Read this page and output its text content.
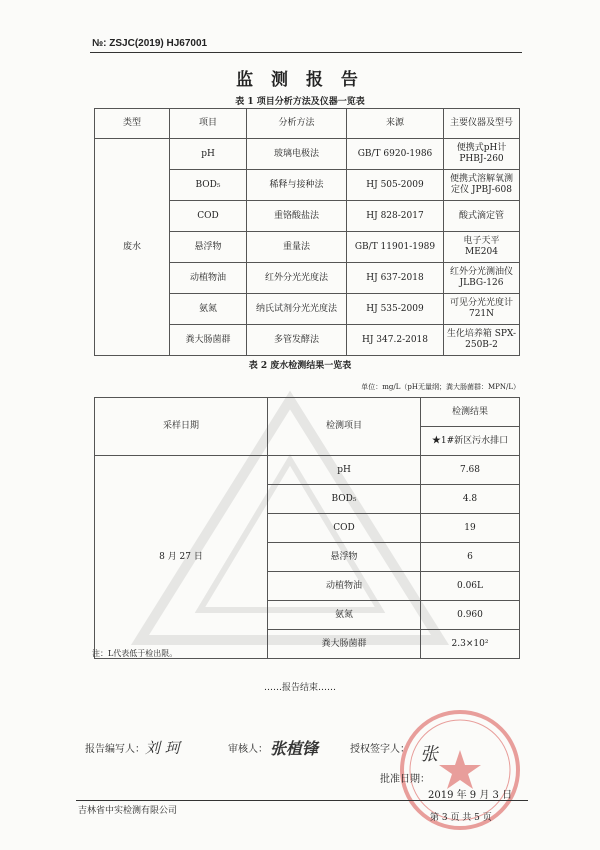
№: ZSJC(2019) HJ67001
监 测 报 告
表 1 项目分析方法及仪器一览表
类型	项目	分析方法	来源	主要仪器及型号
废水	pH	玻璃电极法	GB/T 6920-1986	便携式pH计 PHBJ-260
	BOD₅	稀释与接种法	HJ 505-2009	便携式溶解氧测定仪 JPBJ-608
	COD	重铬酸盐法	HJ 828-2017	酸式滴定管
	悬浮物	重量法	GB/T 11901-1989	电子天平 ME204
	动植物油	红外分光光度法	HJ 637-2018	红外分光测油仪 JLBG-126
	氨氮	纳氏试剂分光光度法	HJ 535-2009	可见分光光度计 721N
	粪大肠菌群	多管发酵法	HJ 347.2-2018	生化培养箱 SPX-250B-2
表 2 废水检测结果一览表
单位：mg/L（pH无量纲；粪大肠菌群：MPN/L）
采样日期	检测项目	检测结果
		★1#新区污水排口
8 月 27 日	pH	7.68
	BOD₅	4.8
	COD	19
	悬浮物	6
	动植物油	0.06L
	氨氮	0.960
	粪大肠菌群	2.3×10²
注：L代表低于检出限。
……报告结束……
报告编写人：	审核人：	授权签字人：
刘 珂	张植锋	张
批准日期：
2019 年 9 月 3 日
吉林省中实检测有限公司
第 3 页 共 5 页
